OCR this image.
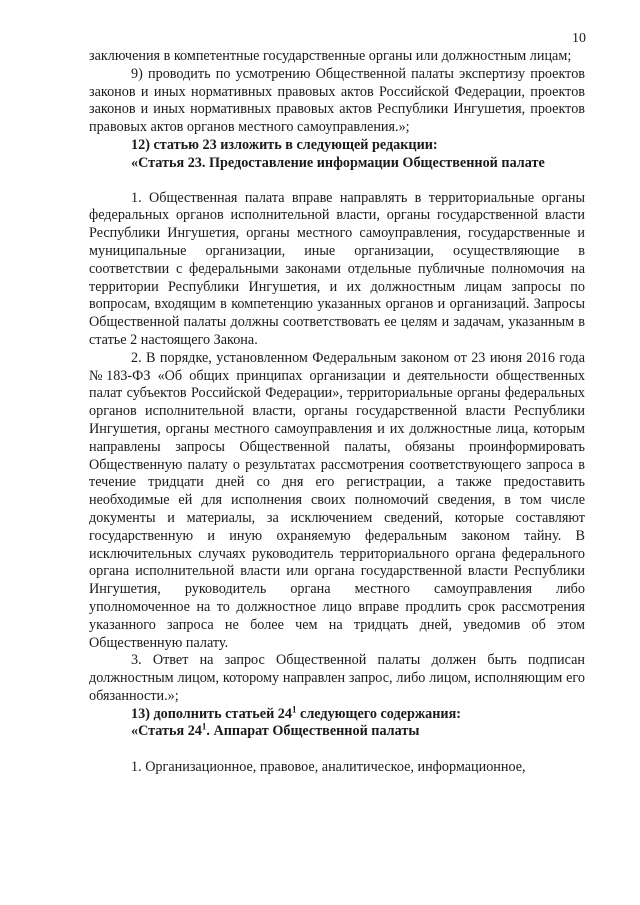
10

заключения в компетентные государственные органы или должностным лицам;

9) проводить по усмотрению Общественной палаты экспертизу проектов законов и иных нормативных правовых актов Российской Федерации, проектов законов и иных нормативных правовых актов Республики Ингушетия, проектов правовых актов органов местного самоуправления.»;

12) статью 23 изложить в следующей редакции:

«Статья 23. Предоставление информации Общественной палате

1. Общественная палата вправе направлять в территориальные органы федеральных органов исполнительной власти, органы государственной власти Республики Ингушетия, органы местного самоуправления, государственные и муниципальные организации, иные организации, осуществляющие в соответствии с федеральными законами отдельные публичные полномочия на территории Республики Ингушетия, и их должностным лицам запросы по вопросам, входящим в компетенцию указанных органов и организаций. Запросы Общественной палаты должны соответствовать ее целям и задачам, указанным в статье 2 настоящего Закона.

2. В порядке, установленном Федеральным законом от 23 июня 2016 года №183-ФЗ «Об общих принципах организации и деятельности общественных палат субъектов Российской Федерации», территориальные органы федеральных органов исполнительной власти, органы государственной власти Республики Ингушетия, органы местного самоуправления и их должностные лица, которым направлены запросы Общественной палаты, обязаны проинформировать Общественную палату о результатах рассмотрения соответствующего запроса в течение тридцати дней со дня его регистрации, а также предоставить необходимые ей для исполнения своих полномочий сведения, в том числе документы и материалы, за исключением сведений, которые составляют государственную и иную охраняемую федеральным законом тайну. В исключительных случаях руководитель территориального органа федерального органа исполнительной власти или органа государственной власти Республики Ингушетия, руководитель органа местного самоуправления либо уполномоченное на то должностное лицо вправе продлить срок рассмотрения указанного запроса не более чем на тридцать дней, уведомив об этом Общественную палату.

3. Ответ на запрос Общественной палаты должен быть подписан должностным лицом, которому направлен запрос, либо лицом, исполняющим его обязанности.»;

13) дополнить статьей $24^1$ следующего содержания:

«Статья $24^1$. Аппарат Общественной палаты

1. Организационное, правовое, аналитическое, информационное,
